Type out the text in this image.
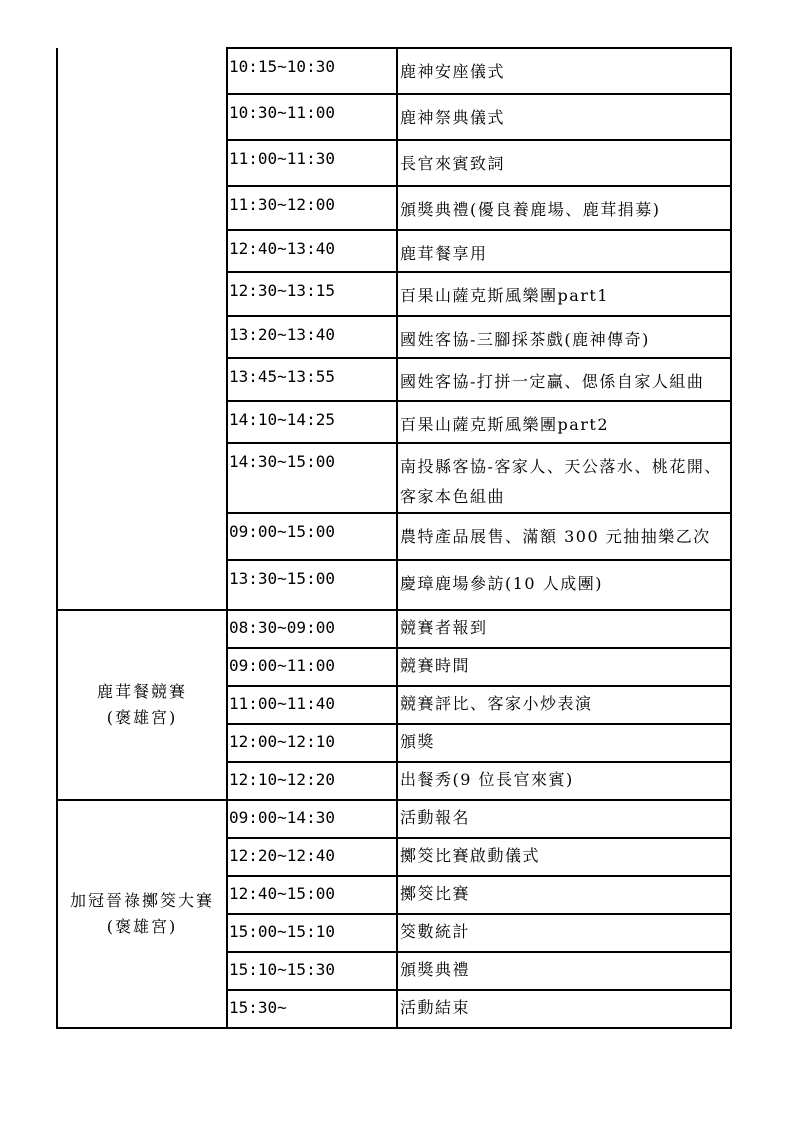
	10:15~10:30	鹿神安座儀式
	10:30~11:00	鹿神祭典儀式
	11:00~11:30	長官來賓致詞
	11:30~12:00	頒獎典禮(優良養鹿場、鹿茸捐募)
	12:40~13:40	鹿茸餐享用
	12:30~13:15	百果山薩克斯風樂團part1
	13:20~13:40	國姓客協-三腳採茶戲(鹿神傳奇)
	13:45~13:55	國姓客協-打拼一定贏、偲係自家人組曲
	14:10~14:25	百果山薩克斯風樂團part2
	14:30~15:00	南投縣客協-客家人、天公落水、桃花開、客家本色組曲
	09:00~15:00	農特產品展售、滿額 300 元抽抽樂乙次
	13:30~15:00	慶璋鹿場參訪(10 人成團)

鹿茸餐競賽
(褒雄宮)	08:30~09:00	競賽者報到
	09:00~11:00	競賽時間
	11:00~11:40	競賽評比、客家小炒表演
	12:00~12:10	頒獎
	12:10~12:20	出餐秀(9 位長官來賓)

加冠晉祿擲筊大賽
(褒雄宮)	09:00~14:30	活動報名
	12:20~12:40	擲筊比賽啟動儀式
	12:40~15:00	擲筊比賽
	15:00~15:10	筊數統計
	15:10~15:30	頒獎典禮
	15:30~	活動結束
